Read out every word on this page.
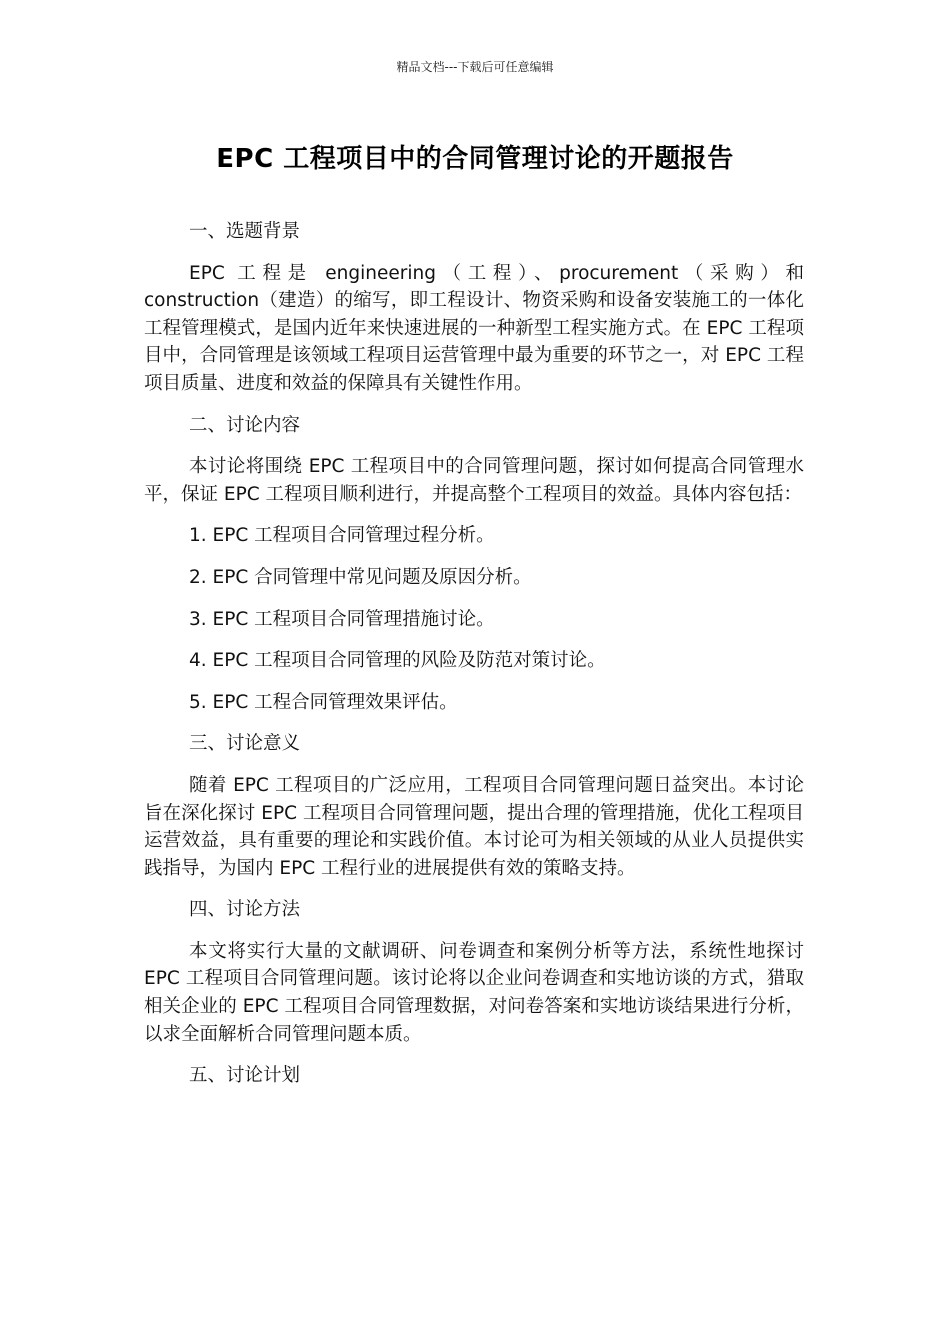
精品文档---下载后可任意编辑
EPC 工程项目中的合同管理讨论的开题报告

一、选题背景

EPC 工程是 engineering（工程）、procurement（采购）和 construction（建造）的缩写，即工程设计、物资采购和设备安装施工的一体化工程管理模式，是国内近年来快速进展的一种新型工程实施方式。在 EPC 工程项目中，合同管理是该领域工程项目运营管理中最为重要的环节之一，对 EPC 工程项目质量、进度和效益的保障具有关键性作用。

二、讨论内容

本讨论将围绕 EPC 工程项目中的合同管理问题，探讨如何提高合同管理水平，保证 EPC 工程项目顺利进行，并提高整个工程项目的效益。具体内容包括：

1. EPC 工程项目合同管理过程分析。

2. EPC 合同管理中常见问题及原因分析。

3. EPC 工程项目合同管理措施讨论。

4. EPC 工程项目合同管理的风险及防范对策讨论。

5. EPC 工程合同管理效果评估。

三、讨论意义

随着 EPC 工程项目的广泛应用，工程项目合同管理问题日益突出。本讨论旨在深化探讨 EPC 工程项目合同管理问题，提出合理的管理措施，优化工程项目运营效益，具有重要的理论和实践价值。本讨论可为相关领域的从业人员提供实践指导，为国内 EPC 工程行业的进展提供有效的策略支持。

四、讨论方法

本文将实行大量的文献调研、问卷调查和案例分析等方法，系统性地探讨 EPC 工程项目合同管理问题。该讨论将以企业问卷调查和实地访谈的方式，猎取相关企业的 EPC 工程项目合同管理数据，对问卷答案和实地访谈结果进行分析，以求全面解析合同管理问题本质。

五、讨论计划
